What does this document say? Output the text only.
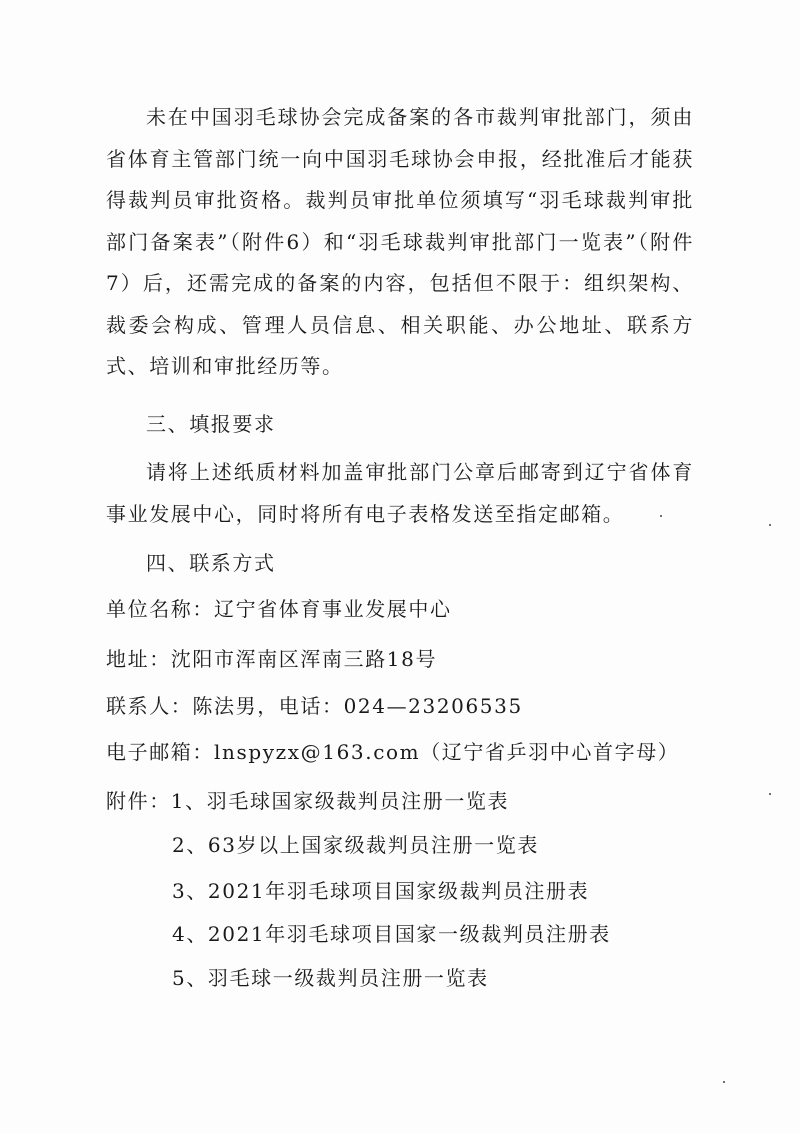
未在中国羽毛球协会完成备案的各市裁判审批部门，须由省体育主管部门统一向中国羽毛球协会申报，经批准后才能获得裁判员审批资格。裁判员审批单位须填写“羽毛球裁判审批部门备案表”（附件6）和“羽毛球裁判审批部门一览表”（附件7）后，还需完成的备案的内容，包括但不限于：组织架构、裁委会构成、管理人员信息、相关职能、办公地址、联系方式、培训和审批经历等。

三、填报要求

请将上述纸质材料加盖审批部门公章后邮寄到辽宁省体育事业发展中心，同时将所有电子表格发送至指定邮箱。

四、联系方式

单位名称：辽宁省体育事业发展中心

地址：沈阳市浑南区浑南三路18号

联系人：陈法男，电话：024—23206535

电子邮箱：lnspyzx@163.com（辽宁省乒羽中心首字母）

附件：1、羽毛球国家级裁判员注册一览表

2、63岁以上国家级裁判员注册一览表

3、2021年羽毛球项目国家级裁判员注册表

4、2021年羽毛球项目国家一级裁判员注册表

5、羽毛球一级裁判员注册一览表
